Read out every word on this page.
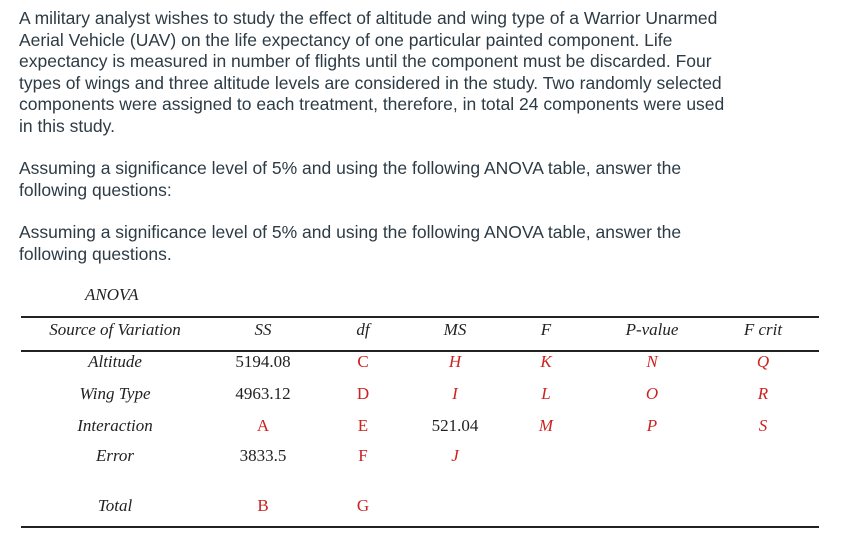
A military analyst wishes to study the effect of altitude and wing type of a Warrior Unarmed Aerial Vehicle (UAV) on the life expectancy of one particular painted component. Life expectancy is measured in number of flights until the component must be discarded. Four types of wings and three altitude levels are considered in the study. Two randomly selected components were assigned to each treatment, therefore, in total 24 components were used in this study.

Assuming a significance level of 5% and using the following ANOVA table, answer the following questions:

Assuming a significance level of 5% and using the following ANOVA table, answer the following questions.

ANOVA
Source of Variation	SS	df	MS	F	P-value	F crit
Altitude	5194.08	C	H	K	N	Q
Wing Type	4963.12	D	I	L	O	R
Interaction	A	E	521.04	M	P	S
Error	3833.5	F	J
Total	B	G
